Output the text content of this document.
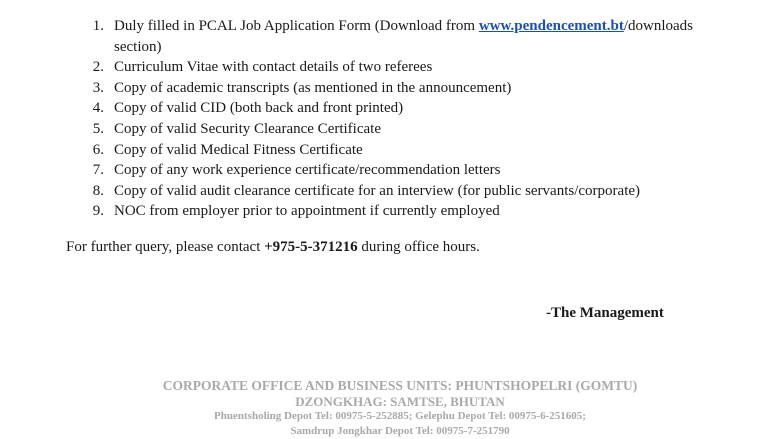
1. Duly filled in PCAL Job Application Form (Download from www.pendencement.bt/downloads
section)
2. Curriculum Vitae with contact details of two referees
3. Copy of academic transcripts (as mentioned in the announcement)
4. Copy of valid CID (both back and front printed)
5. Copy of valid Security Clearance Certificate
6. Copy of valid Medical Fitness Certificate
7. Copy of any work experience certificate/recommendation letters
8. Copy of valid audit clearance certificate for an interview (for public servants/corporate)
9. NOC from employer prior to appointment if currently employed

For further query, please contact +975-5-371216 during office hours.

-The Management

CORPORATE OFFICE AND BUSINESS UNITS: PHUNTSHOPELRI (GOMTU)
DZONGKHAG: SAMTSE, BHUTAN
Phuentsholing Depot Tel: 00975-5-252885; Gelephu Depot Tel: 00975-6-251605;
Samdrup Jongkhar Depot Tel: 00975-7-251790
